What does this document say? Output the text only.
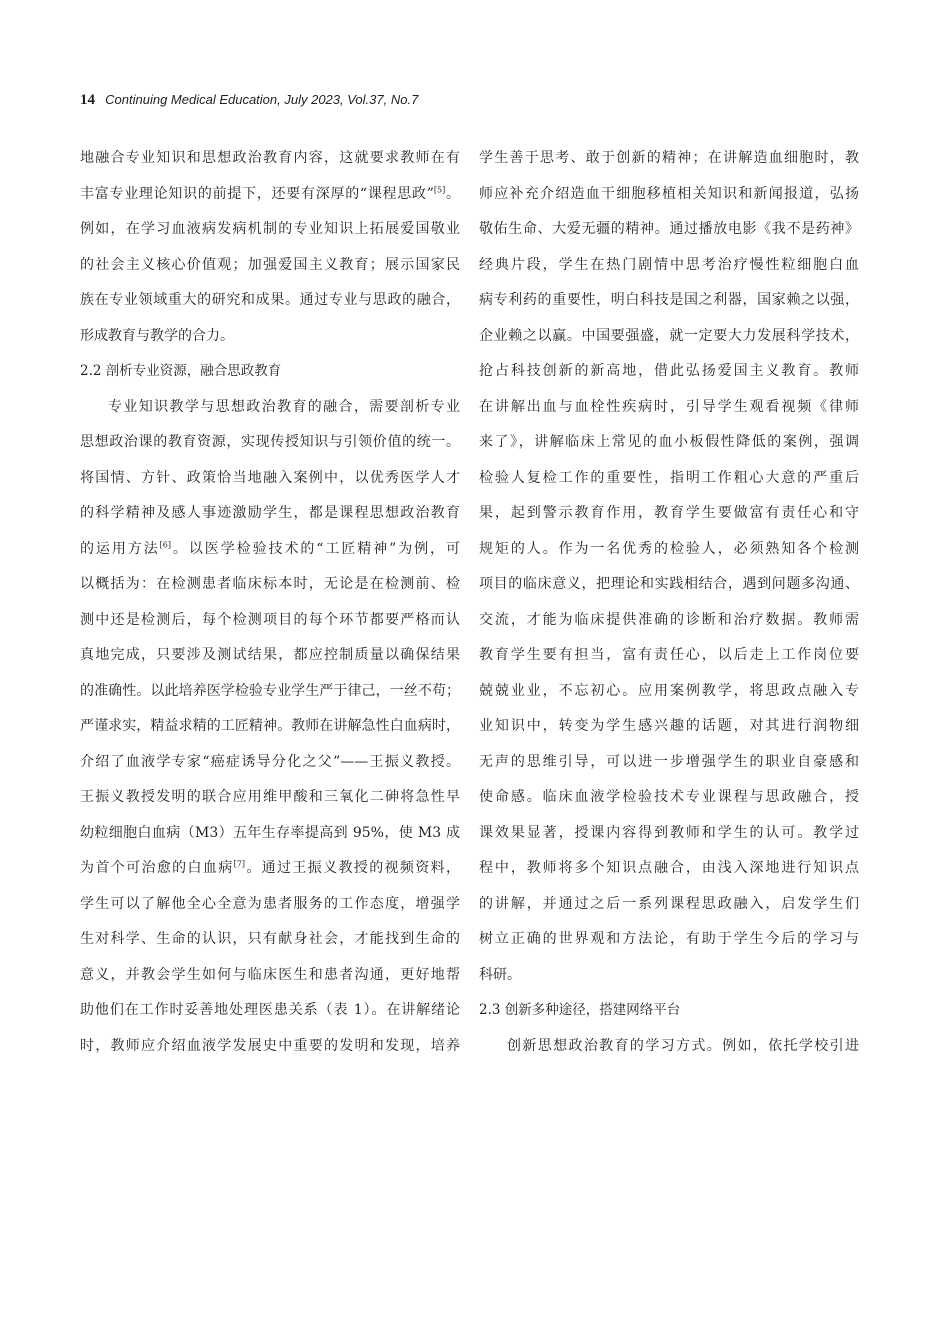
14 Continuing Medical Education, July 2023, Vol.37, No.7
地融合专业知识和思想政治教育内容，这就要求教师在有
丰富专业理论知识的前提下，还要有深厚的“课程思政”[5]。
例如，在学习血液病发病机制的专业知识上拓展爱国敬业
的社会主义核心价值观；加强爱国主义教育；展示国家民
族在专业领域重大的研究和成果。通过专业与思政的融合，
形成教育与教学的合力。
2.2 剖析专业资源，融合思政教育
专业知识教学与思想政治教育的融合，需要剖析专业
思想政治课的教育资源，实现传授知识与引领价值的统一。
将国情、方针、政策恰当地融入案例中，以优秀医学人才
的科学精神及感人事迹激励学生，都是课程思想政治教育
的运用方法[6]。以医学检验技术的“工匠精神”为例，可
以概括为：在检测患者临床标本时，无论是在检测前、检
测中还是检测后，每个检测项目的每个环节都要严格而认
真地完成，只要涉及测试结果，都应控制质量以确保结果
的准确性。以此培养医学检验专业学生严于律己，一丝不苟；
严谨求实，精益求精的工匠精神。教师在讲解急性白血病时，
介绍了血液学专家“癌症诱导分化之父”——王振义教授。
王振义教授发明的联合应用维甲酸和三氧化二砷将急性早
幼粒细胞白血病（M3）五年生存率提高到 95%，使 M3 成
为首个可治愈的白血病[7]。通过王振义教授的视频资料，
学生可以了解他全心全意为患者服务的工作态度，增强学
生对科学、生命的认识，只有献身社会，才能找到生命的
意义，并教会学生如何与临床医生和患者沟通，更好地帮
助他们在工作时妥善地处理医患关系（表 1）。在讲解绪论
时，教师应介绍血液学发展史中重要的发明和发现，培养
学生善于思考、敢于创新的精神；在讲解造血细胞时，教
师应补充介绍造血干细胞移植相关知识和新闻报道，弘扬
敬佑生命、大爱无疆的精神。通过播放电影《我不是药神》
经典片段，学生在热门剧情中思考治疗慢性粒细胞白血
病专利药的重要性，明白科技是国之利器，国家赖之以强，
企业赖之以赢。中国要强盛，就一定要大力发展科学技术，
抢占科技创新的新高地，借此弘扬爱国主义教育。教师
在讲解出血与血栓性疾病时，引导学生观看视频《律师
来了》，讲解临床上常见的血小板假性降低的案例，强调
检验人复检工作的重要性，指明工作粗心大意的严重后
果，起到警示教育作用，教育学生要做富有责任心和守
规矩的人。作为一名优秀的检验人，必须熟知各个检测
项目的临床意义，把理论和实践相结合，遇到问题多沟通、
交流，才能为临床提供准确的诊断和治疗数据。教师需
教育学生要有担当，富有责任心，以后走上工作岗位要
兢兢业业，不忘初心。应用案例教学，将思政点融入专
业知识中，转变为学生感兴趣的话题，对其进行润物细
无声的思维引导，可以进一步增强学生的职业自豪感和
使命感。临床血液学检验技术专业课程与思政融合，授
课效果显著，授课内容得到教师和学生的认可。教学过
程中，教师将多个知识点融合，由浅入深地进行知识点
的讲解，并通过之后一系列课程思政融入，启发学生们
树立正确的世界观和方法论，有助于学生今后的学习与
科研。
2.3 创新多种途径，搭建网络平台
创新思想政治教育的学习方式。例如，依托学校引进
